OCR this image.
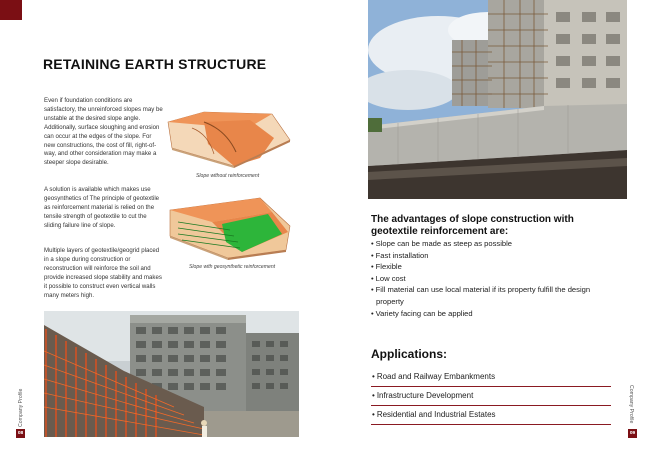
RETAINING EARTH STRUCTURE

Even if foundation conditions are satisfactory, the unreinforced slopes may be unstable at the desired slope angle. Additionally, surface sloughing and erosion can occur at the edges of the slope. For new constructions, the cost of fill, right-of-way, and other consideration may make a steeper slope desirable.

A solution is available which makes use geosynthetics of The principle of geotextile as reinforcement material is relied on the tensile strength of geotextile to cut the sliding failure line of slope.

Multiple layers of geotextile/geogrid placed in a slope during construction or reconstruction will reinforce the soil and provide increased slope stability and makes it possible to construct even vertical walls many meters high.

Slope without reinforcement
Slope with geosynthetic reinforcement
Company Profile
08
The advantages of slope construction with geotextile reinforcement are:
• Slope can be made as steep as possible
• Fast installation
• Flexible
• Low cost
• Fill material can use local material if its property fulfill the design property
• Variety facing can be applied
Applications:
• Road and Railway Embankments
• Infrastructure Development
• Residential and Industrial Estates	Company Profile
09
